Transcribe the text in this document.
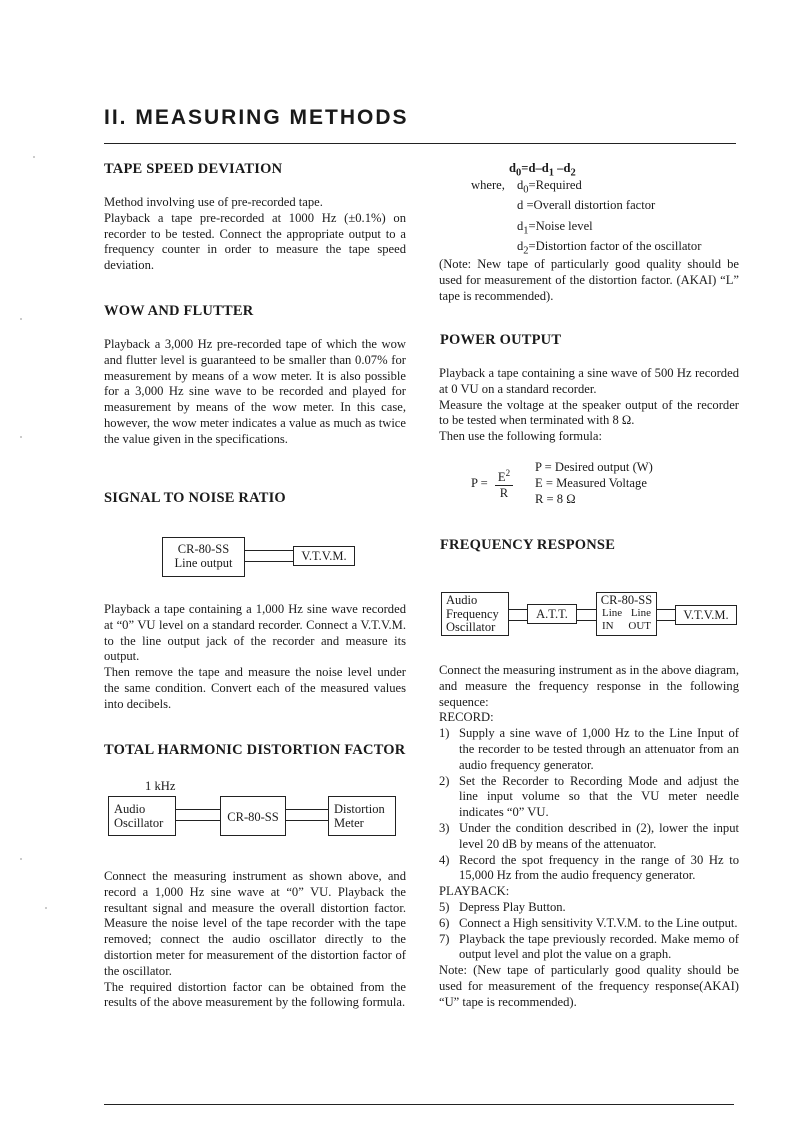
II. MEASURING METHODS
TAPE SPEED DEVIATION

Method involving use of pre-recorded tape.

Playback a tape pre-recorded at 1000 Hz (±0.1%) on recorder to be tested. Connect the appropriate output to a frequency counter in order to measure the tape speed deviation.

WOW AND FLUTTER
Playback a 3,000 Hz pre-recorded tape of which the wow and flutter level is guaranteed to be smaller than 0.07% for measurement by means of a wow meter. It is also possible for a 3,000 Hz sine wave to be recorded and played for measurement by means of the wow meter. In this case, however, the wow meter indicates a value as much as twice the value given in the specifications.
SIGNAL TO NOISE RATIO
CR-80-SS
Line output	V.T.V.M.

Playback a tape containing a 1,000 Hz sine wave recorded at “0” VU level on a standard recorder. Connect a V.T.V.M. to the line output jack of the recorder and measure its output.

Then remove the tape and measure the noise level under the same condition. Convert each of the measured values into decibels.

TOTAL HARMONIC DISTORTION FACTOR
1 kHz
Audio
Oscillator	CR-80-SS
Distortion
Meter

Connect the measuring instrument as shown above, and record a 1,000 Hz sine wave at “0” VU. Playback the resultant signal and measure the overall distortion factor. Measure the noise level of the tape recorder with the tape removed; connect the audio oscillator directly to the distortion meter for measurement of the distortion factor of the oscillator.

The required distortion factor can be obtained from the results of the above measurement by the following formula.

$d_0=d-d_1$ $-d_2$
where, $d_0=Required$
d =Overall distortion factor
$d_1=Noise$ level
$d_2=Distortion$ factor of the oscillator
(Note: New tape of particularly good quality should be used for measurement of the distortion factor. (AKAI) “L” tape is recommended).
POWER OUTPUT

Playback a tape containing a sine wave of 500 Hz recorded at 0 VU on a standard recorder.

Measure the voltage at the speaker output of the recorder to be tested when terminated with 8 Ω.

Then use the following formula:

$P = E^2$
R
P = Desired output (W)
E = Measured Voltage
R = 8 Ω
FREQUENCY RESPONSE
Audio
Frequency
Oscillator
A.T.T.
CR-80-SS
Line Line
IN OUT
V.T.V.M.

Connect the measuring instrument as in the above diagram, and measure the frequency response in the following sequence:

RECORD:

1) Supply a sine wave of 1,000 Hz to the Line Input of the recorder to be tested through an attenuator from an audio frequency generator.
2) Set the Recorder to Recording Mode and adjust the line input volume so that the VU meter needle indicates “0” VU.
3) Under the condition described in (2), lower the input level 20 dB by means of the attenuator.
4) Record the spot frequency in the range of 30 Hz to 15,000 Hz from the audio frequency generator.

PLAYBACK:

5) Depress Play Button.
6) Connect a High sensitivity V.T.V.M. to the Line output.
7) Playback the tape previously recorded. Make memo of output level and plot the value on a graph.

Note: (New tape of particularly good quality should be used for measurement of the frequency response(AKAI) “U” tape is recommended).
